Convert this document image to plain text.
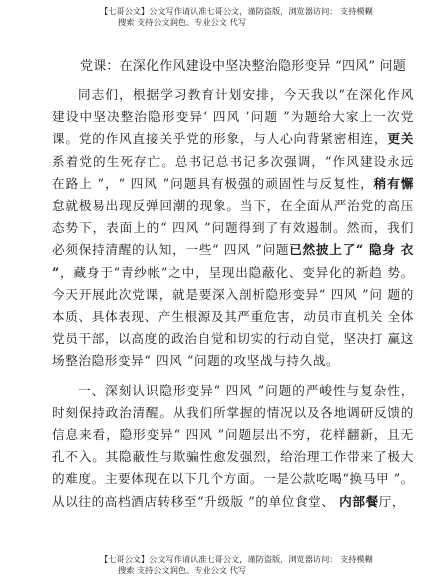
【七哥公文】公文写作请认准七哥公文，谨防盗版，浏览器访问： 支持模糊
搜索 支持公文润色、专业公文 代写
党课：在深化作风建设中坚决整治隐形变异 “四风” 问题

同志们，根据学习教育计划安排，今天我以“在深化作风建设中坚决整治隐形变异‘ 四风 ’问题 ”为题给大家上一次党 课。党的作风直接关乎党的形象，与人心向背紧密相连，更关 系着党的生死存亡。总书记总书记多次强调，“作风建设永远 在路上 ”，“ 四风 ”问题具有极强的顽固性与反复性，稍有懈 怠就极易出现反弹回潮的现象。当下，在全面从严治党的高压 态势下，表面上的“ 四风 ”问题得到了有效遏制。然而，我们 必须保持清醒的认知，一些“ 四风 ”问题已然披上了“ 隐身 衣 ”，藏身于“青纱帐”之中，呈现出隐蔽化、变异化的新趋 势。今天开展此次党课，就是要深入剖析隐形变异“ 四风 ”问 题的本质、具体表现、产生根源及其严重危害，动员市直机关 全体党员干部，以高度的政治自觉和切实的行动自觉，坚决打 赢这场整治隐形变异“ 四风 ”问题的攻坚战与持久战。

一、深刻认识隐形变异“ 四风 ”问题的严峻性与复杂性，时刻保持政治清醒。从我们所掌握的情况以及各地调研反馈的信息来看，隐形变异“ 四风 ”问题层出不穷，花样翻新，且无孔不入。其隐蔽性与欺骗性愈发强烈，给治理工作带来了极大的难度。主要体现在以下几个方面。一是公款吃喝“换马甲 ”。从以往的高档酒店转移至“升级版 ”的单位食堂、 内部餐厅，

【七哥公文】公文写作请认准七哥公文，谨防盗版，浏览器访问： 支持模糊
搜索 支持公文润色、专业公文 代写
